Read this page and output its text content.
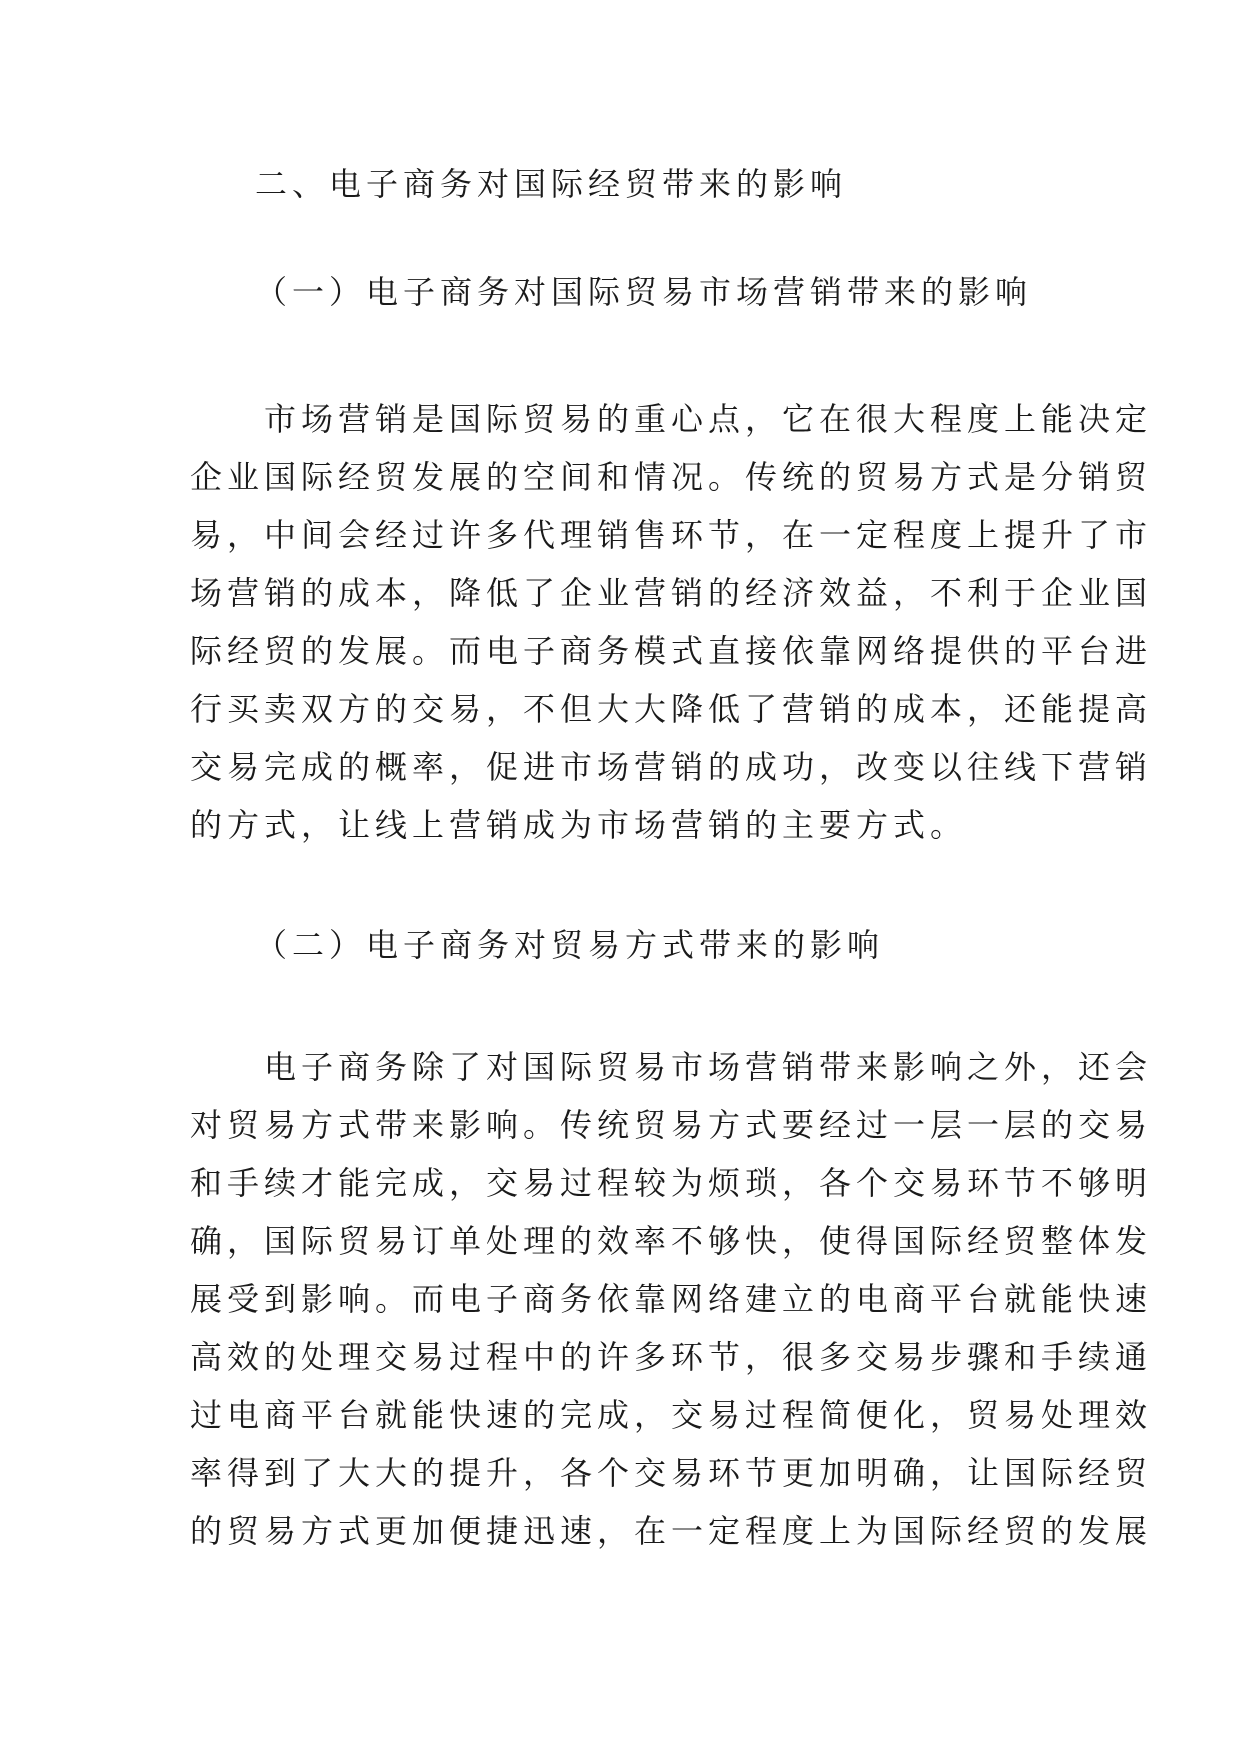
二、电子商务对国际经贸带来的影响
（一）电子商务对国际贸易市场营销带来的影响
　　市场营销是国际贸易的重心点，它在很大程度上能决定
企业国际经贸发展的空间和情况。传统的贸易方式是分销贸
易，中间会经过许多代理销售环节，在一定程度上提升了市
场营销的成本，降低了企业营销的经济效益，不利于企业国
际经贸的发展。而电子商务模式直接依靠网络提供的平台进
行买卖双方的交易，不但大大降低了营销的成本，还能提高
交易完成的概率，促进市场营销的成功，改变以往线下营销
的方式，让线上营销成为市场营销的主要方式。
（二）电子商务对贸易方式带来的影响
　　电子商务除了对国际贸易市场营销带来影响之外，还会
对贸易方式带来影响。传统贸易方式要经过一层一层的交易
和手续才能完成，交易过程较为烦琐，各个交易环节不够明
确，国际贸易订单处理的效率不够快，使得国际经贸整体发
展受到影响。而电子商务依靠网络建立的电商平台就能快速
高效的处理交易过程中的许多环节，很多交易步骤和手续通
过电商平台就能快速的完成，交易过程简便化，贸易处理效
率得到了大大的提升，各个交易环节更加明确，让国际经贸
的贸易方式更加便捷迅速，在一定程度上为国际经贸的发展
